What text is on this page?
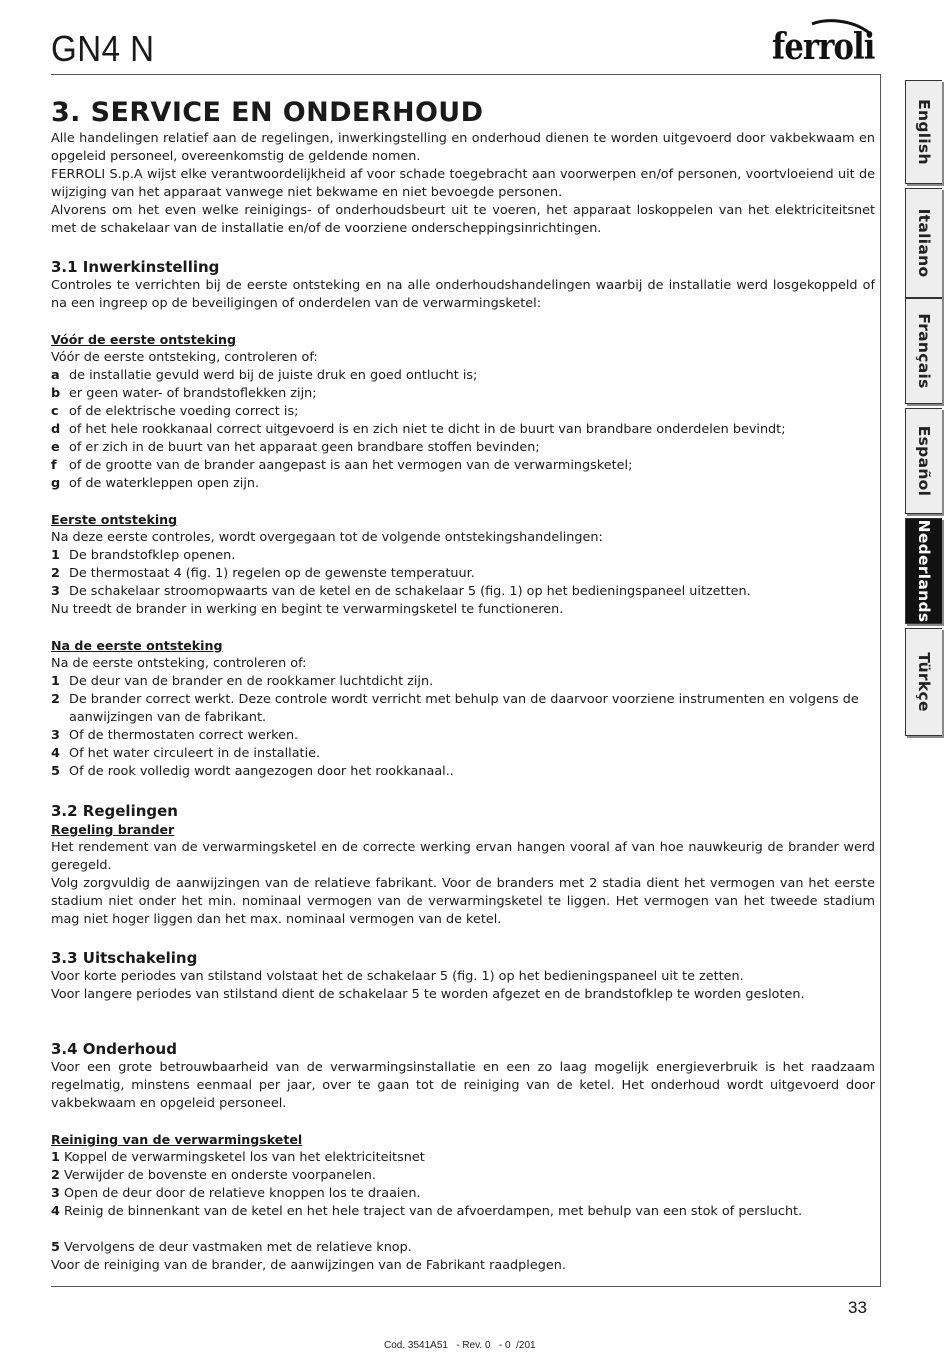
GN4 N	ferroli
English
Italiano
Français
Español
Nederlands
Türkçe
3. SERVICE EN ONDERHOUD

Alle handelingen relatief aan de regelingen, inwerkingstelling en onderhoud dienen te worden uitgevoerd door vakbekwaam en opgeleid personeel, overeenkomstig de geldende nomen.

FERROLI S.p.A wijst elke verantwoordelijkheid af voor schade toegebracht aan voorwerpen en/of personen, voortvloeiend uit de wijziging van het apparaat vanwege niet bekwame en niet bevoegde personen.

Alvorens om het even welke reinigings- of onderhoudsbeurt uit te voeren, het apparaat loskoppelen van het elektriciteitsnet met de schakelaar van de installatie en/of de voorziene onderscheppingsinrichtingen.

3.1 Inwerkinstelling

Controles te verrichten bij de eerste ontsteking en na alle onderhoudshandelingen waarbij de installatie werd losgekoppeld of na een ingreep op de beveiligingen of onderdelen van de verwarmingsketel:

Vóór de eerste ontsteking

Vóór de eerste ontsteking, controleren of:

a de installatie gevuld werd bij de juiste druk en goed ontlucht is;
b er geen water- of brandstoflekken zijn;
c of de elektrische voeding correct is;
d of het hele rookkanaal correct uitgevoerd is en zich niet te dicht in de buurt van brandbare onderdelen bevindt;
e of er zich in de buurt van het apparaat geen brandbare stoffen bevinden;
f of de grootte van de brander aangepast is aan het vermogen van de verwarmingsketel;
g of de waterkleppen open zijn.
Eerste ontsteking

Na deze eerste controles, wordt overgegaan tot de volgende ontstekingshandelingen:

1 De brandstofklep openen.
2 De thermostaat 4 (fig. 1) regelen op de gewenste temperatuur.
3 De schakelaar stroomopwaarts van de ketel en de schakelaar 5 (fig. 1) op het bedieningspaneel uitzetten.

Nu treedt de brander in werking en begint te verwarmingsketel te functioneren.

Na de eerste ontsteking

Na de eerste ontsteking, controleren of:

1 De deur van de brander en de rookkamer luchtdicht zijn.
2 De brander correct werkt. Deze controle wordt verricht met behulp van de daarvoor voorziene instrumenten en volgens de aanwijzingen van de fabrikant.
3 Of de thermostaten correct werken.
4 Of het water circuleert in de installatie.
5 Of de rook volledig wordt aangezogen door het rookkanaal..
3.2 Regelingen
Regeling brander

Het rendement van de verwarmingsketel en de correcte werking ervan hangen vooral af van hoe nauwkeurig de brander werd geregeld.

Volg zorgvuldig de aanwijzingen van de relatieve fabrikant. Voor de branders met 2 stadia dient het vermogen van het eerste stadium niet onder het min. nominaal vermogen van de verwarmingsketel te liggen. Het vermogen van het tweede stadium mag niet hoger liggen dan het max. nominaal vermogen van de ketel.

3.3 Uitschakeling

Voor korte periodes van stilstand volstaat het de schakelaar 5 (fig. 1) op het bedieningspaneel uit te zetten.

Voor langere periodes van stilstand dient de schakelaar 5 te worden afgezet en de brandstofklep te worden gesloten.

3.4 Onderhoud

Voor een grote betrouwbaarheid van de verwarmingsinstallatie en een zo laag mogelijk energieverbruik is het raadzaam regelmatig, minstens eenmaal per jaar, over te gaan tot de reiniging van de ketel. Het onderhoud wordt uitgevoerd door vakbekwaam en opgeleid personeel.

Reiniging van de verwarmingsketel
1 Koppel de verwarmingsketel los van het elektriciteitsnet
2 Verwijder de bovenste en onderste voorpanelen.
3 Open de deur door de relatieve knoppen los te draaien.
4 Reinig de binnenkant van de ketel en het hele traject van de afvoerdampen, met behulp van een stok of perslucht.
5 Vervolgens de deur vastmaken met de relatieve knop.

Voor de reiniging van de brander, de aanwijzingen van de Fabrikant raadplegen.

33
Cod. 3541A51   - Rev. 0   - 0  /201
